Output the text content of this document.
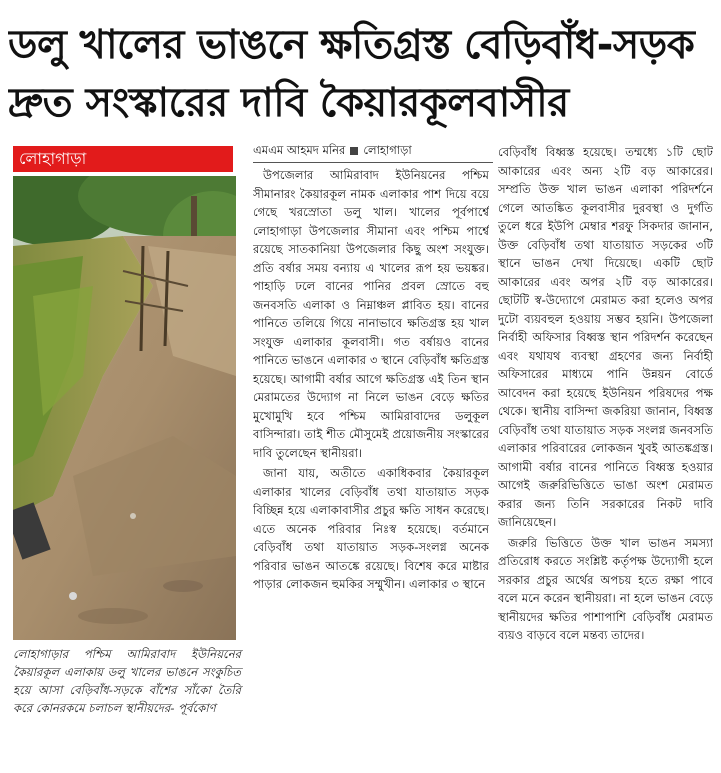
ডলু খালের ভাঙনে ক্ষতিগ্রস্ত বেড়িবাঁধ-সড়ক
দ্রুত সংস্কারের দাবি কৈয়ারকূলবাসীর
লোহাগাড়া
লোহাগাড়ার পশ্চিম আমিরাবাদ ইউনিয়নের কৈয়ারকূল এলাকায় ডলু খালের ভাঙনে সংকুচিত হয়ে আসা বেড়িবাঁধ-সড়কে বাঁশের সাঁকো তৈরি করে কোনরকমে চলাচল স্থানীয়দের- পূর্বকোণ
এমএম আহমদ মনির লোহাগাড়া

উপজেলার আমিরাবাদ ইউনিয়নের পশ্চিম সীমানারং কৈয়ারকূল নামক এলাকার পাশ দিয়ে বয়ে গেছে খরস্রোতা ডলু খাল। খালের পূর্বপার্শ্বে লোহাগাড়া উপজেলার সীমানা এবং পশ্চিম পার্শ্বে রয়েছে সাতকানিয়া উপজেলার কিছু অংশ সংযুক্ত। প্রতি বর্ষার সময় বন্যায় এ খালের রূপ হয় ভয়ঙ্কর। পাহাড়ি ঢলে বানের পানির প্রবল স্রোতে বহু জনবসতি এলাকা ও নিম্নাঞ্চল প্লাবিত হয়। বানের পানিতে তলিয়ে গিয়ে নানাভাবে ক্ষতিগ্রস্ত হয় খাল সংযুক্ত এলাকার কূলবাসী। গত বর্ষায়ও বানের পানিতে ভাঙনে এলাকার ৩ স্থানে বেড়িবাঁধ ক্ষতিগ্রস্ত হয়েছে। আগামী বর্ষার আগে ক্ষতিগ্রস্ত এই তিন স্থান মেরামতের উদ্যোগ না নিলে ভাঙন বেড়ে ক্ষতির মুখোমুখি হবে পশ্চিম আমিরাবাদের ডলুকূল বাসিন্দারা। তাই শীত মৌসুমেই প্রয়োজনীয় সংস্কারের দাবি তুলেছেন স্থানীয়রা।

জানা যায়, অতীতে একাধিকবার কৈয়ারকূল এলাকার খালের বেড়িবাঁধ তথা যাতায়াত সড়ক বিচ্ছিন্ন হয়ে এলাকাবাসীর প্রচুর ক্ষতি সাধন করেছে। এতে অনেক পরিবার নিঃস্ব হয়েছে। বর্তমানে বেড়িবাঁধ তথা যাতায়াত সড়ক-সংলগ্ন অনেক পরিবার ভাঙন আতঙ্কে রয়েছে। বিশেষ করে মাষ্টার পাড়ার লোকজন হুমকির সম্মুখীন। এলাকার ৩ স্থানে

বেড়িবাঁধ বিধ্বস্ত হয়েছে। তম্মধ্যে ১টি ছোট আকারের এবং অন্য ২টি বড় আকারের। সম্প্রতি উক্ত খাল ভাঙন এলাকা পরিদর্শনে গেলে আতঙ্কিত কূলবাসীর দুরবস্থা ও দুর্গতি তুলে ধরে ইউপি মেম্বার শরফু সিকদার জানান, উক্ত বেড়িবাঁধ তথা যাতায়াত সড়কের ৩টি স্থানে ভাঙন দেখা দিয়েছে। একটি ছোট আকারের এবং অপর ২টি বড় আকারের। ছোটটি স্ব-উদ্যোগে মেরামত করা হলেও অপর দুটো ব্যয়বহুল হওয়ায় সম্ভব হয়নি। উপজেলা নির্বাহী অফিসার বিধ্বস্ত স্থান পরিদর্শন করেছেন এবং যথাযথ ব্যবস্থা গ্রহণের জন্য নির্বাহী অফিসারের মাধ্যমে পানি উন্নয়ন বোর্ডে আবেদন করা হয়েছে ইউনিয়ন পরিষদের পক্ষ থেকে। স্থানীয় বাসিন্দা জকরিয়া জানান, বিধ্বস্ত বেড়িবাঁধ তথা যাতায়াত সড়ক সংলগ্ন জনবসতি এলাকার পরিবারের লোকজন খুবই আতঙ্কগ্রস্ত। আগামী বর্ষার বানের পানিতে বিধ্বস্ত হওয়ার আগেই জরুরিভিত্তিতে ভাঙা অংশ মেরামত করার জন্য তিনি সরকারের নিকট দাবি জানিয়েছেন।

জরুরি ভিত্তিতে উক্ত খাল ভাঙন সমস্যা প্রতিরোধ করতে সংশ্লিষ্ট কর্তৃপক্ষ উদ্যোগী হলে সরকার প্রচুর অর্থের অপচয় হতে রক্ষা পাবে বলে মনে করেন স্থানীয়রা। না হলে ভাঙন বেড়ে স্থানীয়দের ক্ষতির পাশাপাশি বেড়িবাঁধ মেরামত ব্যয়ও বাড়বে বলে মন্তব্য তাদের।
